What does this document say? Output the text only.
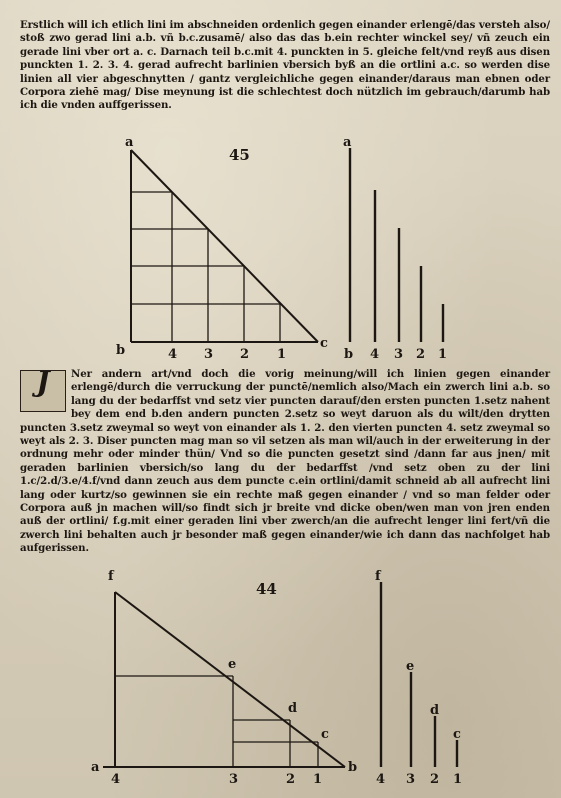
Erstlich will ich etlich lini im abschneiden ordenlich gegen einander erlengē/das versteh also/ stoß zwo gerad lini a.b. vñ b.c.zusamē/ also das das b.ein rechter winckel sey/ vñ zeuch ein gerade lini vber ort a. c. Darnach teil b.c.mit 4. punckten in 5. gleiche felt/vnd reyß aus disen punckten 1. 2. 3. 4. gerad aufrecht barlinien vbersich byß an die ortlini a.c. so werden dise linien all vier abgeschnytten / gantz vergleichliche gegen einander/daraus man ebnen oder Corpora ziehē mag/ Dise meynung ist die schlechtest doch nützlich im gebrauch/darumb hab ich die vnden auffgerissen.

a
b	c
45
4 3 2 1
a
b 4 3 2 1
J	Ner andern art/vnd doch die vorig meinung/will ich linien gegen einander erlengē/durch die verruckung der punctē/nemlich also/Mach ein zwerch lini a.b. so lang du der bedarffst vnd setz vier puncten darauf/den ersten puncten 1.setz nahent bey dem end b.den andern puncten 2.setz so weyt daruon als du wilt/den drytten puncten 3.setz zweymal so weyt von einander als 1. 2. den vierten puncten 4. setz zweymal so weyt als 2. 3. Diser puncten mag man so vil setzen als man wil/auch in der erweiterung in der ordnung mehr oder minder thün/ Vnd so die puncten gesetzt sind /dann far aus jnen/ mit geraden barlinien vbersich/so lang du der bedarffst /vnd setz oben zu der lini 1.c/2.d/3.e/4.f/vnd dann zeuch aus dem puncte c.ein ortlini/damit schneid ab all aufrecht lini lang oder kurtz/so gewinnen sie ein rechte maß gegen einander / vnd so man felder oder Corpora auß jn machen will/so findt sich jr breite vnd dicke oben/wen man von jren enden auß der ortlini/ f.g.mit einer geraden lini vber zwerch/an die aufrecht lenger lini fert/vñ die zwerch lini behalten auch jr besonder maß gegen einander/wie ich dann das nachfolget hab aufgerissen.
f
a	b
44
e
d
c
4	3	2 1
f
e
d
c
4 3 2 1
